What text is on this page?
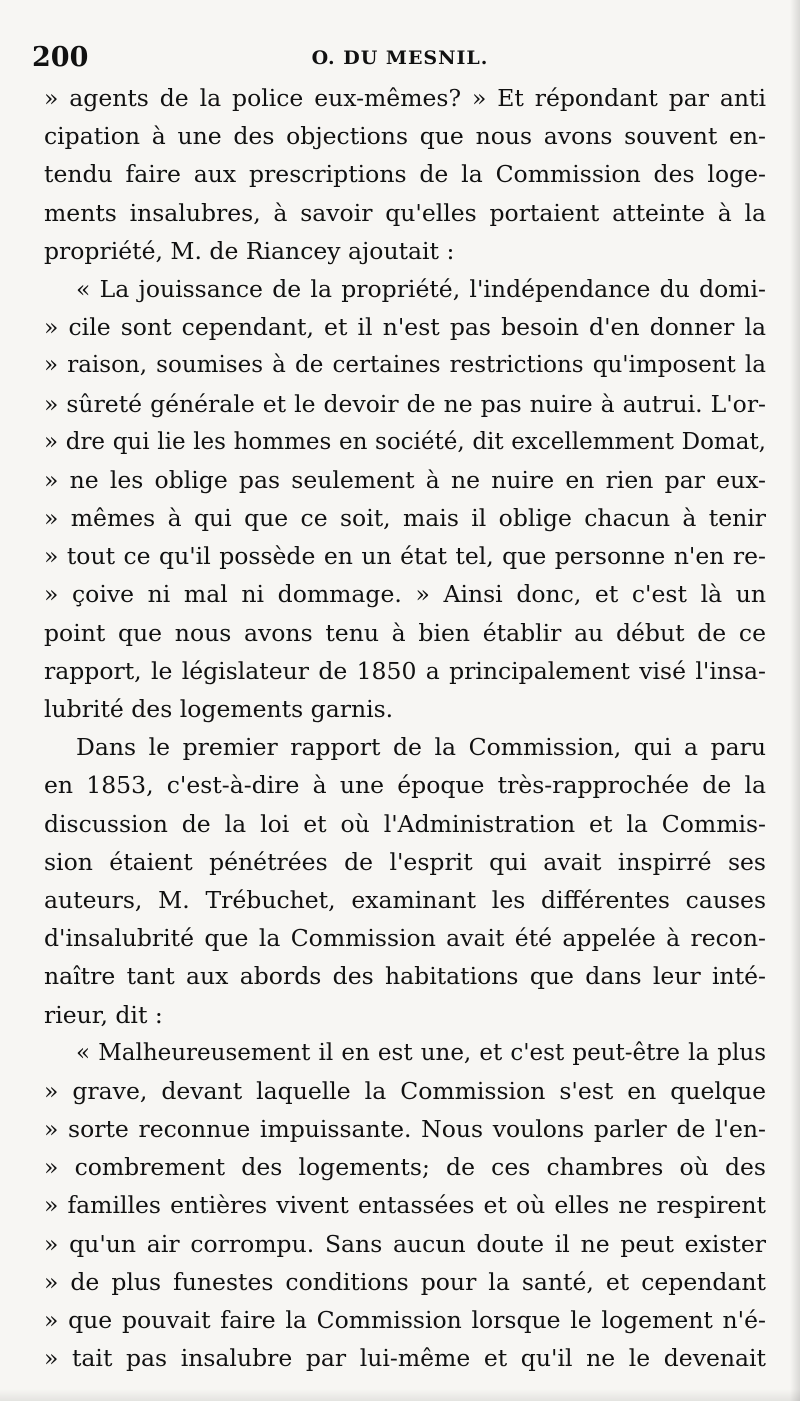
200	O. DU MESNIL.
» agents de la police eux-mêmes? » Et répondant par anti
cipation à une des objections que nous avons souvent en-
tendu faire aux prescriptions de la Commission des loge-
ments insalubres, à savoir qu'elles portaient atteinte à la
propriété, M. de Riancey ajoutait :
« La jouissance de la propriété, l'indépendance du domi-
» cile sont cependant, et il n'est pas besoin d'en donner la
» raison, soumises à de certaines restrictions qu'imposent la
» sûreté générale et le devoir de ne pas nuire à autrui. L'or-
» dre qui lie les hommes en société, dit excellemment Domat,
» ne les oblige pas seulement à ne nuire en rien par eux-
» mêmes à qui que ce soit, mais il oblige chacun à tenir
» tout ce qu'il possède en un état tel, que personne n'en re-
» çoive ni mal ni dommage. » Ainsi donc, et c'est là un
point que nous avons tenu à bien établir au début de ce
rapport, le législateur de 1850 a principalement visé l'insa-
lubrité des logements garnis.
Dans le premier rapport de la Commission, qui a paru
en 1853, c'est-à-dire à une époque très-rapprochée de la
discussion de la loi et où l'Administration et la Commis-
sion étaient pénétrées de l'esprit qui avait inspirré ses
auteurs, M. Trébuchet, examinant les différentes causes
d'insalubrité que la Commission avait été appelée à recon-
naître tant aux abords des habitations que dans leur inté-
rieur, dit :
« Malheureusement il en est une, et c'est peut-être la plus
» grave, devant laquelle la Commission s'est en quelque
» sorte reconnue impuissante. Nous voulons parler de l'en-
» combrement des logements; de ces chambres où des
» familles entières vivent entassées et où elles ne respirent
» qu'un air corrompu. Sans aucun doute il ne peut exister
» de plus funestes conditions pour la santé, et cependant
» que pouvait faire la Commission lorsque le logement n'é-
» tait pas insalubre par lui-même et qu'il ne le devenait
